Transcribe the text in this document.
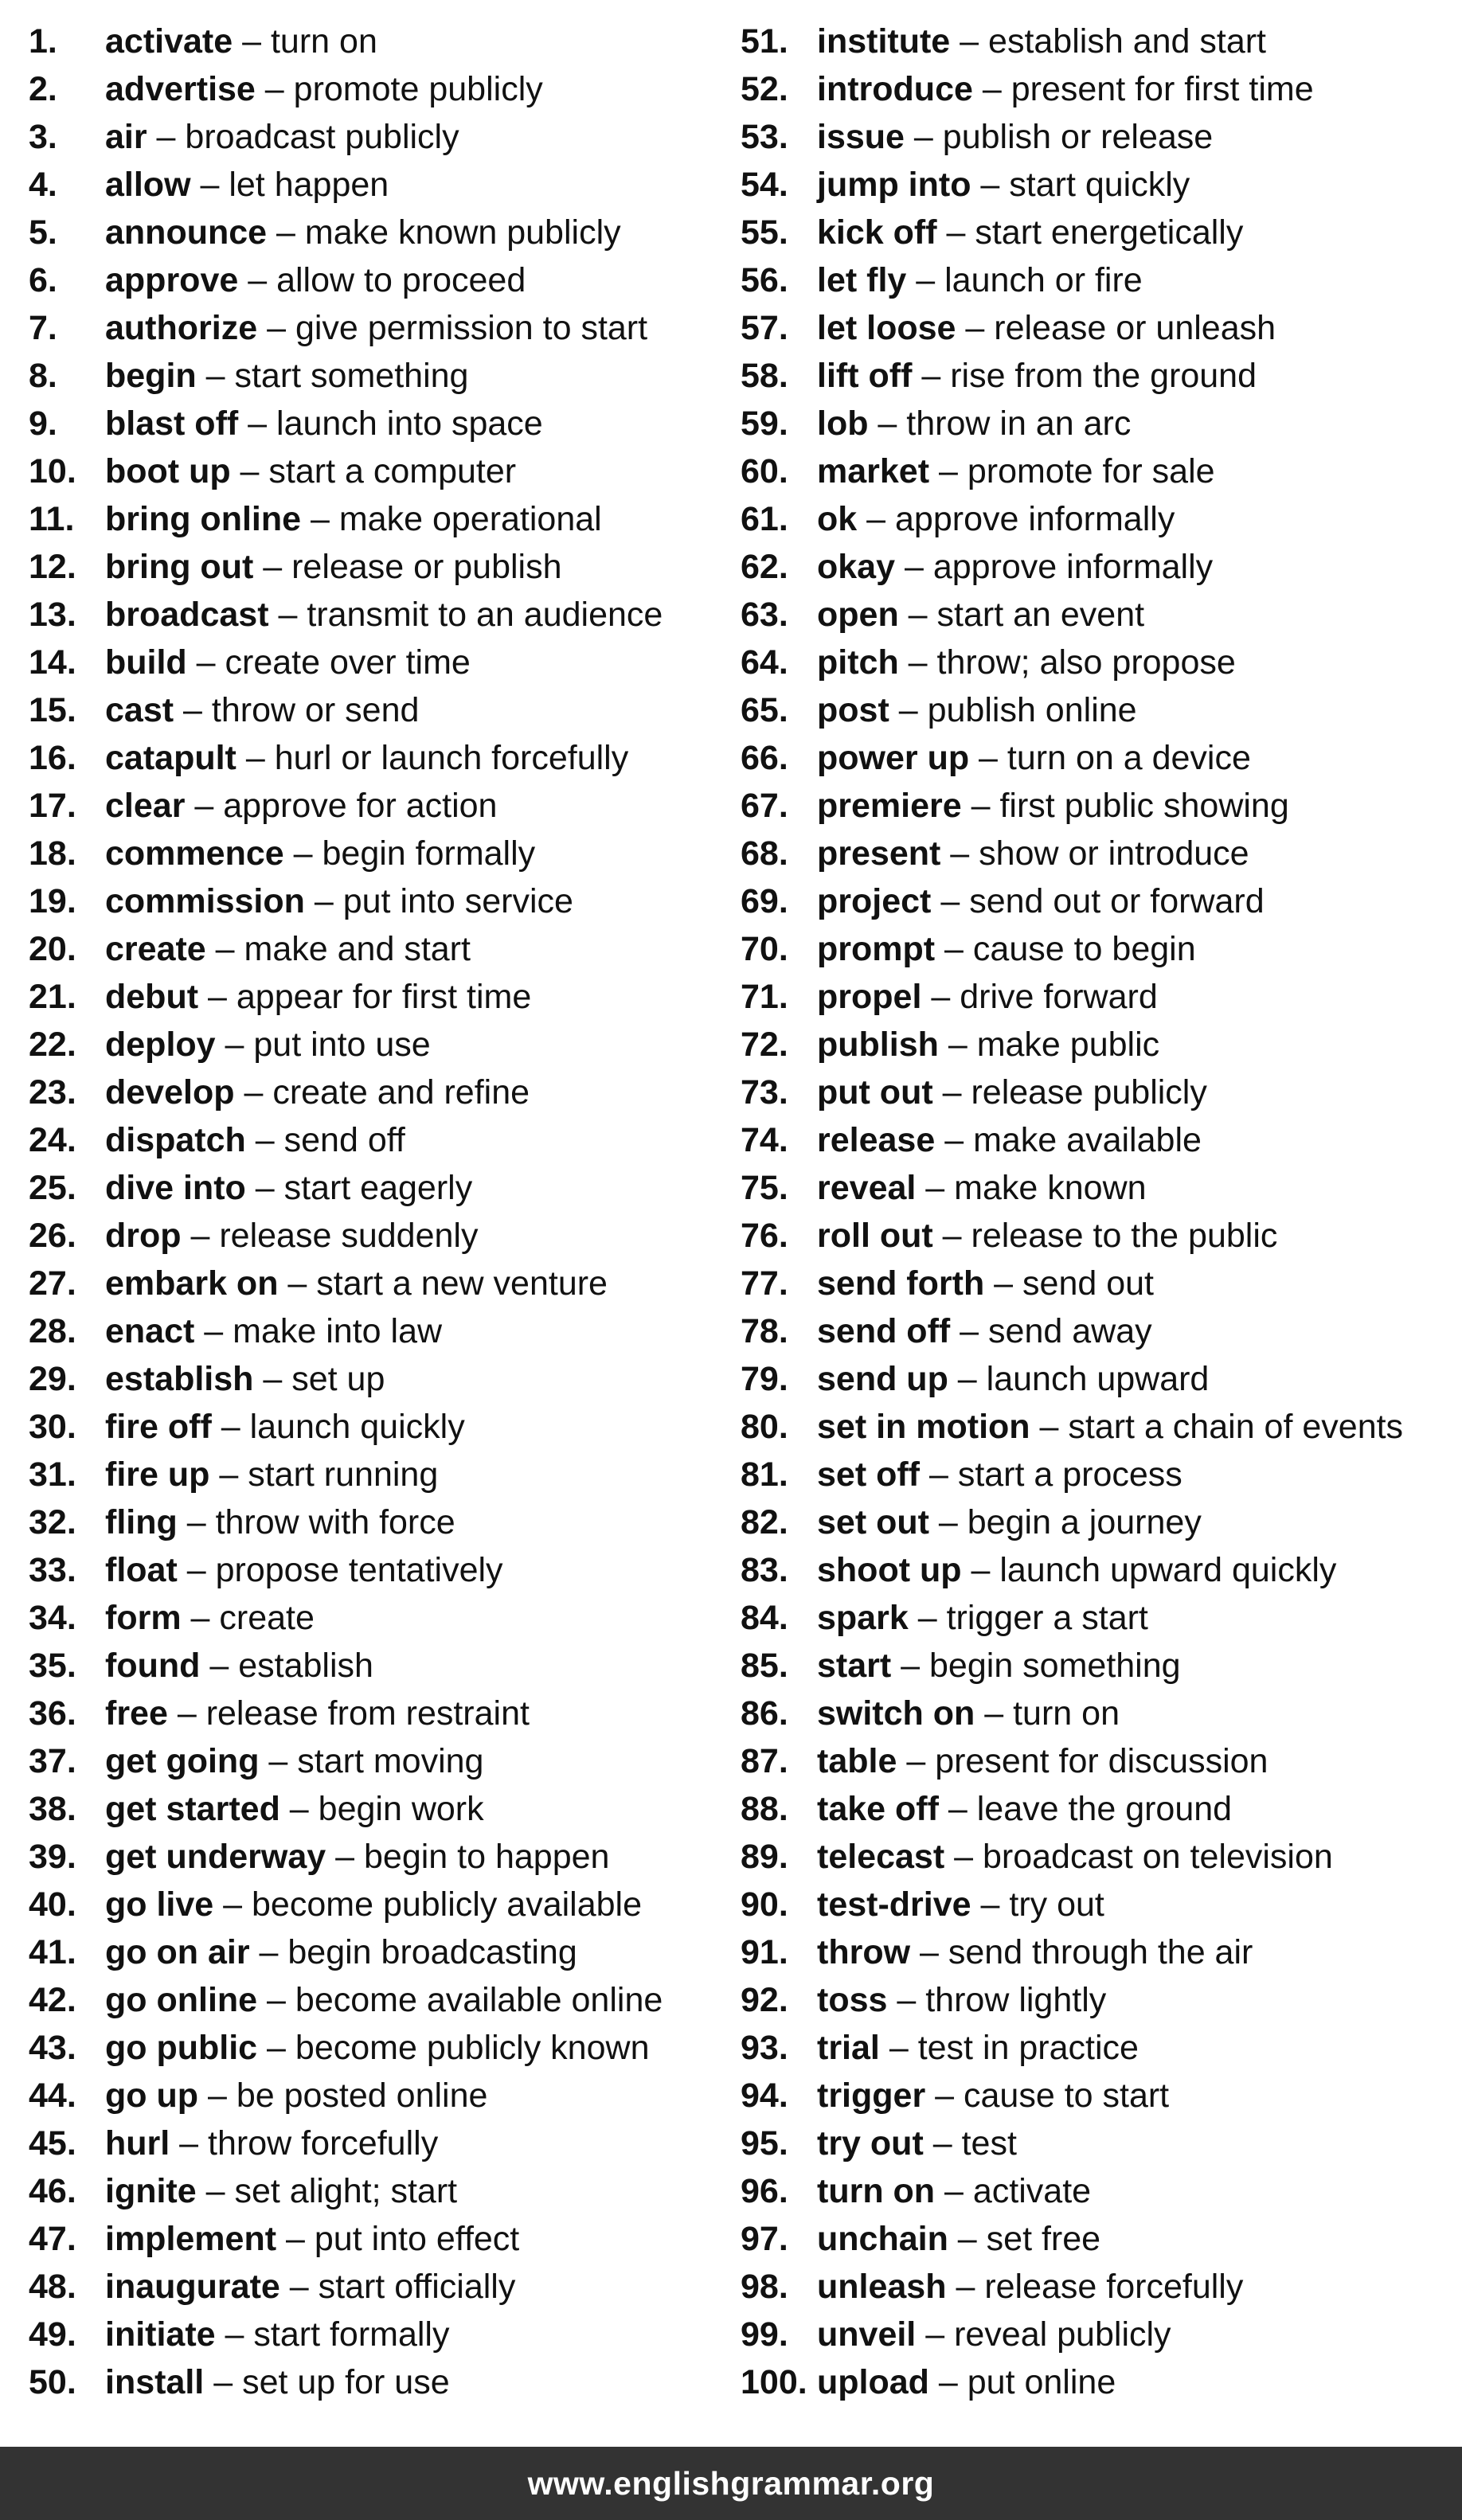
1. activate – turn on
2. advertise – promote publicly
3. air – broadcast publicly
4. allow – let happen
5. announce – make known publicly
6. approve – allow to proceed
7. authorize – give permission to start
8. begin – start something
9. blast off – launch into space
10. boot up – start a computer
11. bring online – make operational
12. bring out – release or publish
13. broadcast – transmit to an audience
14. build – create over time
15. cast – throw or send
16. catapult – hurl or launch forcefully
17. clear – approve for action
18. commence – begin formally
19. commission – put into service
20. create – make and start
21. debut – appear for first time
22. deploy – put into use
23. develop – create and refine
24. dispatch – send off
25. dive into – start eagerly
26. drop – release suddenly
27. embark on – start a new venture
28. enact – make into law
29. establish – set up
30. fire off – launch quickly
31. fire up – start running
32. fling – throw with force
33. float – propose tentatively
34. form – create
35. found – establish
36. free – release from restraint
37. get going – start moving
38. get started – begin work
39. get underway – begin to happen
40. go live – become publicly available
41. go on air – begin broadcasting
42. go online – become available online
43. go public – become publicly known
44. go up – be posted online
45. hurl – throw forcefully
46. ignite – set alight; start
47. implement – put into effect
48. inaugurate – start officially
49. initiate – start formally
50. install – set up for use
51. institute – establish and start
52. introduce – present for first time
53. issue – publish or release
54. jump into – start quickly
55. kick off – start energetically
56. let fly – launch or fire
57. let loose – release or unleash
58. lift off – rise from the ground
59. lob – throw in an arc
60. market – promote for sale
61. ok – approve informally
62. okay – approve informally
63. open – start an event
64. pitch – throw; also propose
65. post – publish online
66. power up – turn on a device
67. premiere – first public showing
68. present – show or introduce
69. project – send out or forward
70. prompt – cause to begin
71. propel – drive forward
72. publish – make public
73. put out – release publicly
74. release – make available
75. reveal – make known
76. roll out – release to the public
77. send forth – send out
78. send off – send away
79. send up – launch upward
80. set in motion – start a chain of events
81. set off – start a process
82. set out – begin a journey
83. shoot up – launch upward quickly
84. spark – trigger a start
85. start – begin something
86. switch on – turn on
87. table – present for discussion
88. take off – leave the ground
89. telecast – broadcast on television
90. test-drive – try out
91. throw – send through the air
92. toss – throw lightly
93. trial – test in practice
94. trigger – cause to start
95. try out – test
96. turn on – activate
97. unchain – set free
98. unleash – release forcefully
99. unveil – reveal publicly
100. upload – put online
www.englishgrammar.org
